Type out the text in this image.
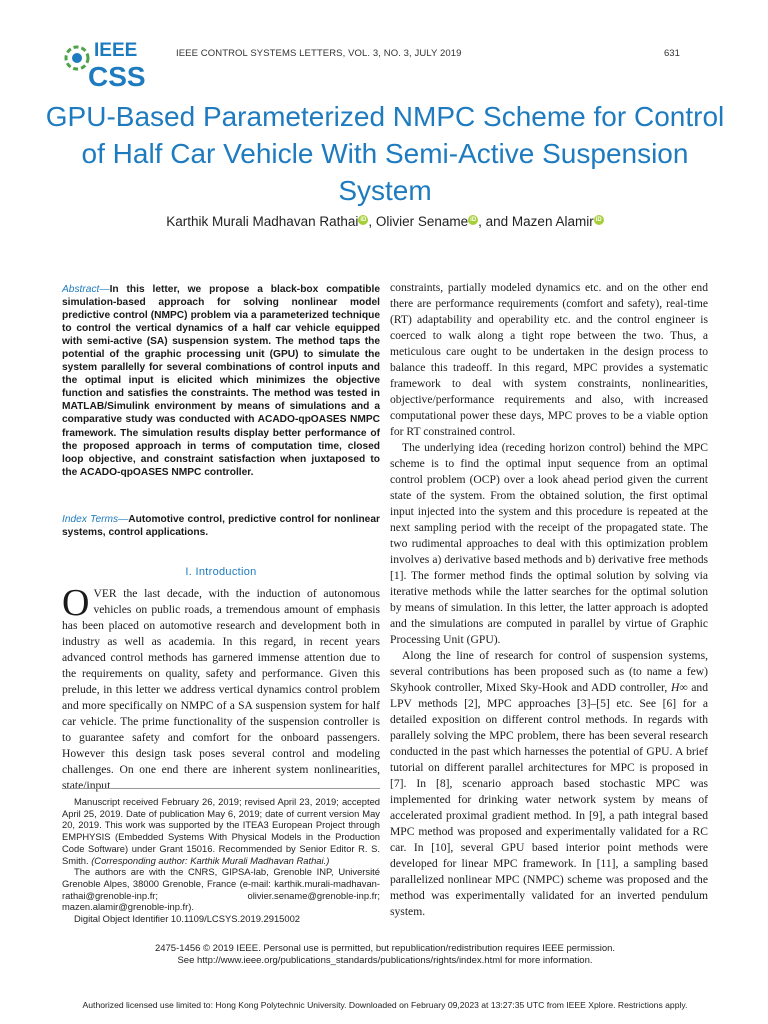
IEEE
CSS
IEEE CONTROL SYSTEMS LETTERS, VOL. 3, NO. 3, JULY 2019	631
GPU-Based Parameterized NMPC Scheme for Control of Half Car Vehicle With Semi-Active Suspension System
Karthik Murali Madhavan Rathai iD , Olivier Sename iD , and Mazen Alamir iD
Abstract—In this letter, we propose a black-box compatible simulation-based approach for solving nonlinear model predictive control (NMPC) problem via a parameterized technique to control the vertical dynamics of a half car vehicle equipped with semi-active (SA) suspension system. The method taps the potential of the graphic processing unit (GPU) to simulate the system parallelly for several combinations of control inputs and the optimal input is elicited which minimizes the objective function and satisfies the constraints. The method was tested in MATLAB/Simulink environment by means of simulations and a comparative study was conducted with ACADO-qpOASES NMPC framework. The simulation results display better performance of the proposed approach in terms of computation time, closed loop objective, and constraint satisfaction when juxtaposed to the ACADO-qpOASES NMPC controller.
Index Terms—Automotive control, predictive control for nonlinear systems, control applications.
I. Introduction
OVER the last decade, with the induction of autonomous vehicles on public roads, a tremendous amount of emphasis has been placed on automotive research and development both in industry as well as academia. In this regard, in recent years advanced control methods has garnered immense attention due to the requirements on quality, safety and performance. Given this prelude, in this letter we address vertical dynamics control problem and more specifically on NMPC of a SA suspension system for half car vehicle. The prime functionality of the suspension controller is to guarantee safety and comfort for the onboard passengers. However this design task poses several control and modeling challenges. On one end there are inherent system nonlinearities, state/input

Manuscript received February 26, 2019; revised April 23, 2019; accepted April 25, 2019. Date of publication May 6, 2019; date of current version May 20, 2019. This work was supported by the ITEA3 European Project through EMPHYSIS (Embedded Systems With Physical Models in the Production Code Software) under Grant 15016. Recommended by Senior Editor R. S. Smith. (Corresponding author: Karthik Murali Madhavan Rathai.)

The authors are with the CNRS, GIPSA-lab, Grenoble INP, Université Grenoble Alpes, 38000 Grenoble, France (e-mail: karthik.murali-madhavan-rathai@grenoble-inp.fr; olivier.sename@grenoble-inp.fr; mazen.alamir@grenoble-inp.fr).

Digital Object Identifier 10.1109/LCSYS.2019.2915002

constraints, partially modeled dynamics etc. and on the other end there are performance requirements (comfort and safety), real-time (RT) adaptability and operability etc. and the control engineer is coerced to walk along a tight rope between the two. Thus, a meticulous care ought to be undertaken in the design process to balance this tradeoff. In this regard, MPC provides a systematic framework to deal with system constraints, nonlinearities, objective/performance requirements and also, with increased computational power these days, MPC proves to be a viable option for RT constrained control.

The underlying idea (receding horizon control) behind the MPC scheme is to find the optimal input sequence from an optimal control problem (OCP) over a look ahead period given the current state of the system. From the obtained solution, the first optimal input injected into the system and this procedure is repeated at the next sampling period with the receipt of the propagated state. The two rudimental approaches to deal with this optimization problem involves a) derivative based methods and b) derivative free methods [1]. The former method finds the optimal solution by solving via iterative methods while the latter searches for the optimal solution by means of simulation. In this letter, the latter approach is adopted and the simulations are computed in parallel by virtue of Graphic Processing Unit (GPU).

Along the line of research for control of suspension systems, several contributions has been proposed such as (to name a few) Skyhook controller, Mixed Sky-Hook and ADD controller, H∞ and LPV methods [2], MPC approaches [3]–[5] etc. See [6] for a detailed exposition on different control methods. In regards with parallely solving the MPC problem, there has been several research conducted in the past which harnesses the potential of GPU. A brief tutorial on different parallel architectures for MPC is proposed in [7]. In [8], scenario approach based stochastic MPC was implemented for drinking water network system by means of accelerated proximal gradient method. In [9], a path integral based MPC method was proposed and experimentally validated for a RC car. In [10], several GPU based interior point methods were developed for linear MPC framework. In [11], a sampling based parallelized nonlinear MPC (NMPC) scheme was proposed and the method was experimentally validated for an inverted pendulum system.

2475-1456 © 2019 IEEE. Personal use is permitted, but republication/redistribution requires IEEE permission.
See http://www.ieee.org/publications_standards/publications/rights/index.html for more information.
Authorized licensed use limited to: Hong Kong Polytechnic University. Downloaded on February 09,2023 at 13:27:35 UTC from IEEE Xplore. Restrictions apply.
